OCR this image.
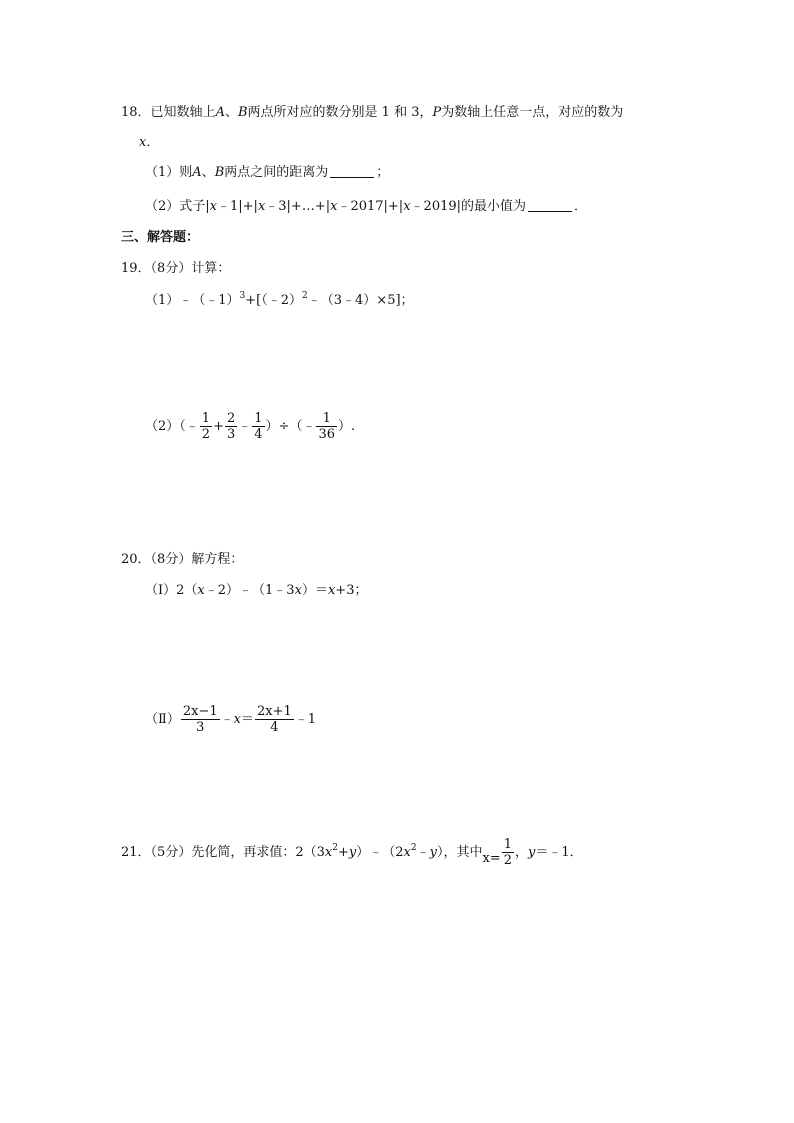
18．已知数轴上A、B两点所对应的数分别是 1 和 3，P为数轴上任意一点，对应的数为
x．
（1）则A、B两点之间的距离为	；
（2）式子|x﹣1|+|x﹣3|+…+|x﹣2017|+|x﹣2019|的最小值为	．
三、解答题：
19．（8分）计算：
（1）﹣（﹣1）$^3$+[（﹣2）$^2$﹣（3﹣4）×5]；
（2）（﹣ $\frac{1}{2} + \frac{2}{3}$ ﹣ $\frac{1}{4}$ ）÷（﹣ $\frac{1}{36}$ ）.
20．（8分）解方程：
（Ⅰ）2（x﹣2）﹣（1﹣3x）＝x+3；
（Ⅱ） $\frac{2x-1}{3}$ ﹣x＝ $\frac{2x+1}{4}$ ﹣1
21．（5分）先化简，再求值：$2(3x^2+y)﹣(2x^2﹣y)$，其中$x= \frac{1}{2}$ ，y＝﹣1．
